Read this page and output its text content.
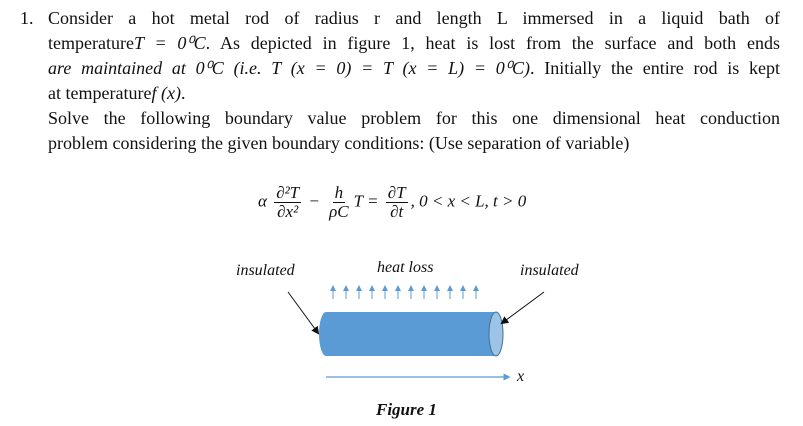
1. Consider a hot metal rod of radius r and length L immersed in a liquid bath of
temperatureT = 0⁰C. As depicted in figure 1, heat is lost from the surface and both ends
are maintained at 0⁰C (i.e. T (x = 0) = T (x = L) = 0⁰C). Initially the entire rod is kept
at temperaturef (x).
Solve the following boundary value problem for this one dimensional heat conduction
problem considering the given boundary conditions: (Use separation of variable)
α $\frac{\text{∂²T}}{\text{∂x²}} - \frac{h}{\rho C}$ $T = \frac{\partial T}{\partial t}$ , 0 < x < L, t > 0
insulated	heat loss	insulated
x
Figure 1
